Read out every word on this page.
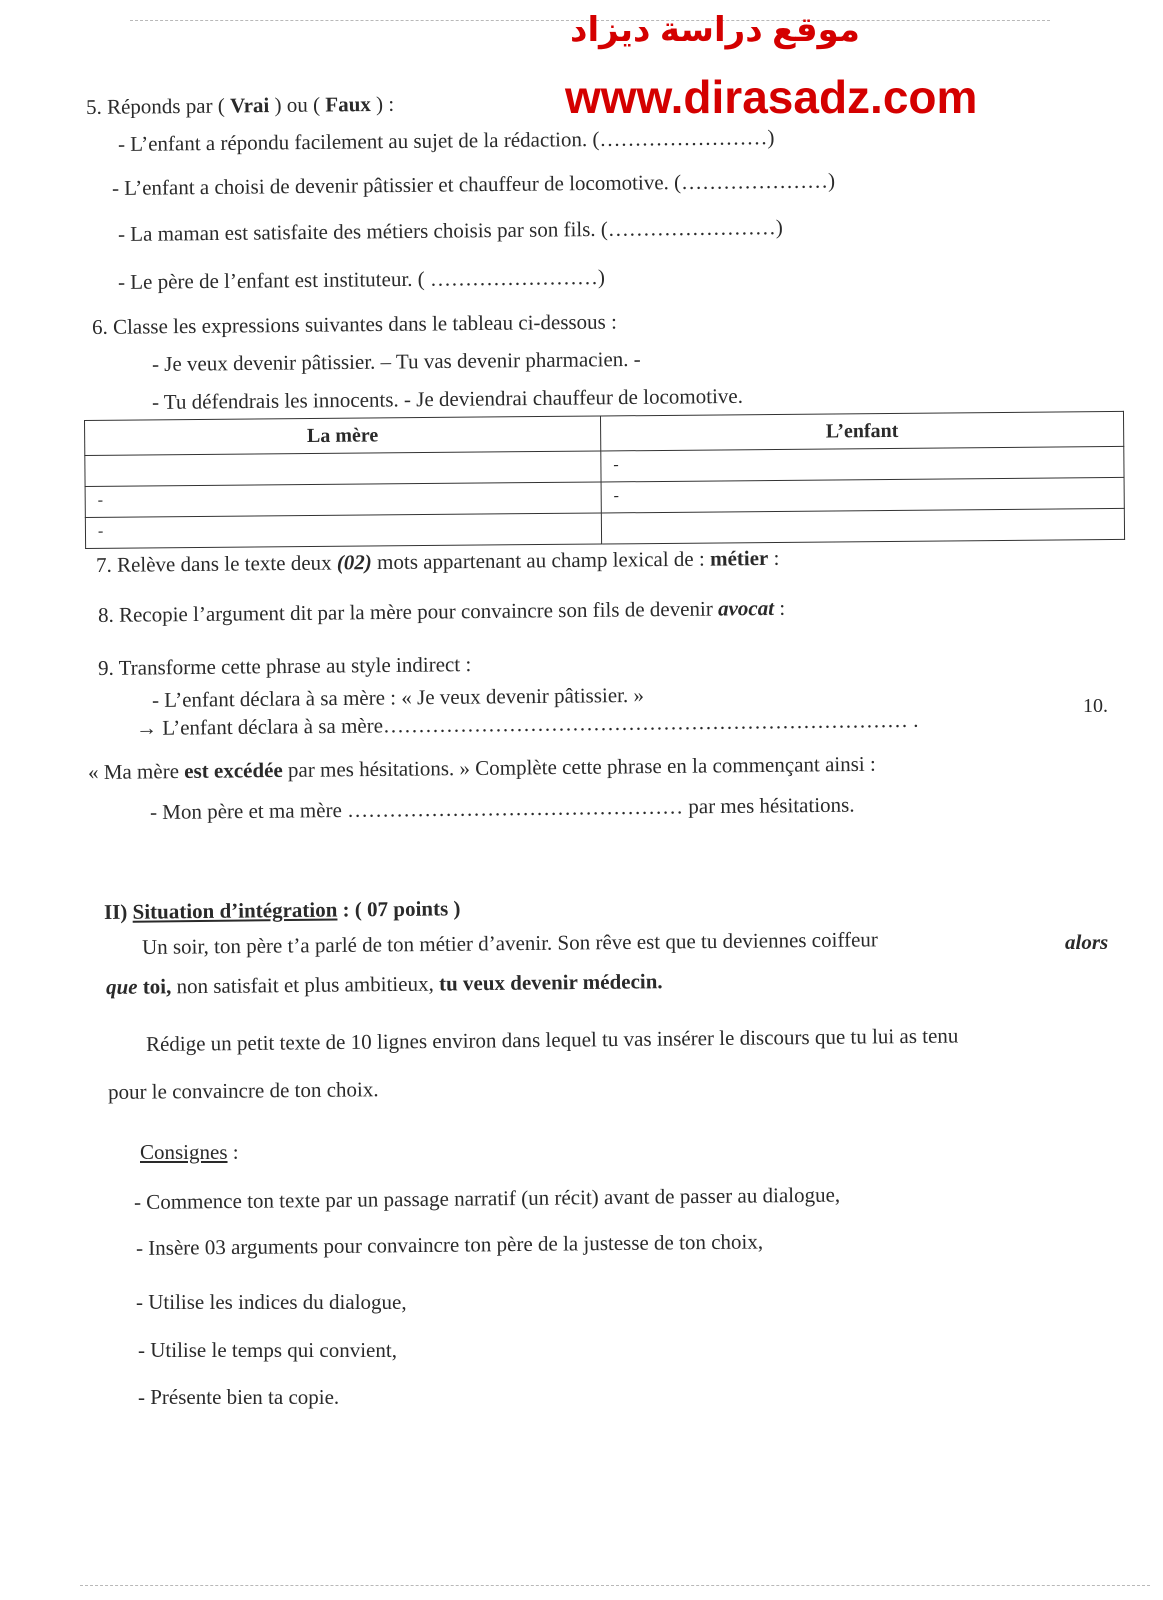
موقع دراسة ديزاد
www.dirasadz.com
5. Réponds par ( Vrai ) ou ( Faux ) :
- L’enfant a répondu facilement au sujet de la rédaction. (……………………)
- L’enfant a choisi de devenir pâtissier et chauffeur de locomotive. (…………………)
- La maman est satisfaite des métiers choisis par son fils. (……………………)
- Le père de l’enfant est instituteur. ( ……………………)
6. Classe les expressions suivantes dans le tableau ci-dessous :
- Je veux devenir pâtissier. – Tu vas devenir pharmacien. -
- Tu défendrais les innocents. - Je deviendrai chauffeur de locomotive.
La mère	L’enfant
	-
-	-
-	
7. Relève dans le texte deux (02) mots appartenant au champ lexical de : métier :
8. Recopie l’argument dit par la mère pour convaincre son fils de devenir avocat :
9. Transforme cette phrase au style indirect :
- L’enfant déclara à sa mère : « Je veux devenir pâtissier. »
→ L’enfant déclara à sa mère………………………………………………………………… .
10.
« Ma mère est excédée par mes hésitations. » Complète cette phrase en la commençant ainsi :
- Mon père et ma mère ………………………………………… par mes hésitations.
II) Situation d’intégration : ( 07 points )
Un soir, ton père t’a parlé de ton métier d’avenir. Son rêve est que tu deviennes coiffeur	alors
que toi, non satisfait et plus ambitieux, tu veux devenir médecin.
Rédige un petit texte de 10 lignes environ dans lequel tu vas insérer le discours que tu lui as tenu
pour le convaincre de ton choix.
Consignes :
- Commence ton texte par un passage narratif (un récit) avant de passer au dialogue,
- Insère 03 arguments pour convaincre ton père de la justesse de ton choix,
- Utilise les indices du dialogue,
- Utilise le temps qui convient,
- Présente bien ta copie.
